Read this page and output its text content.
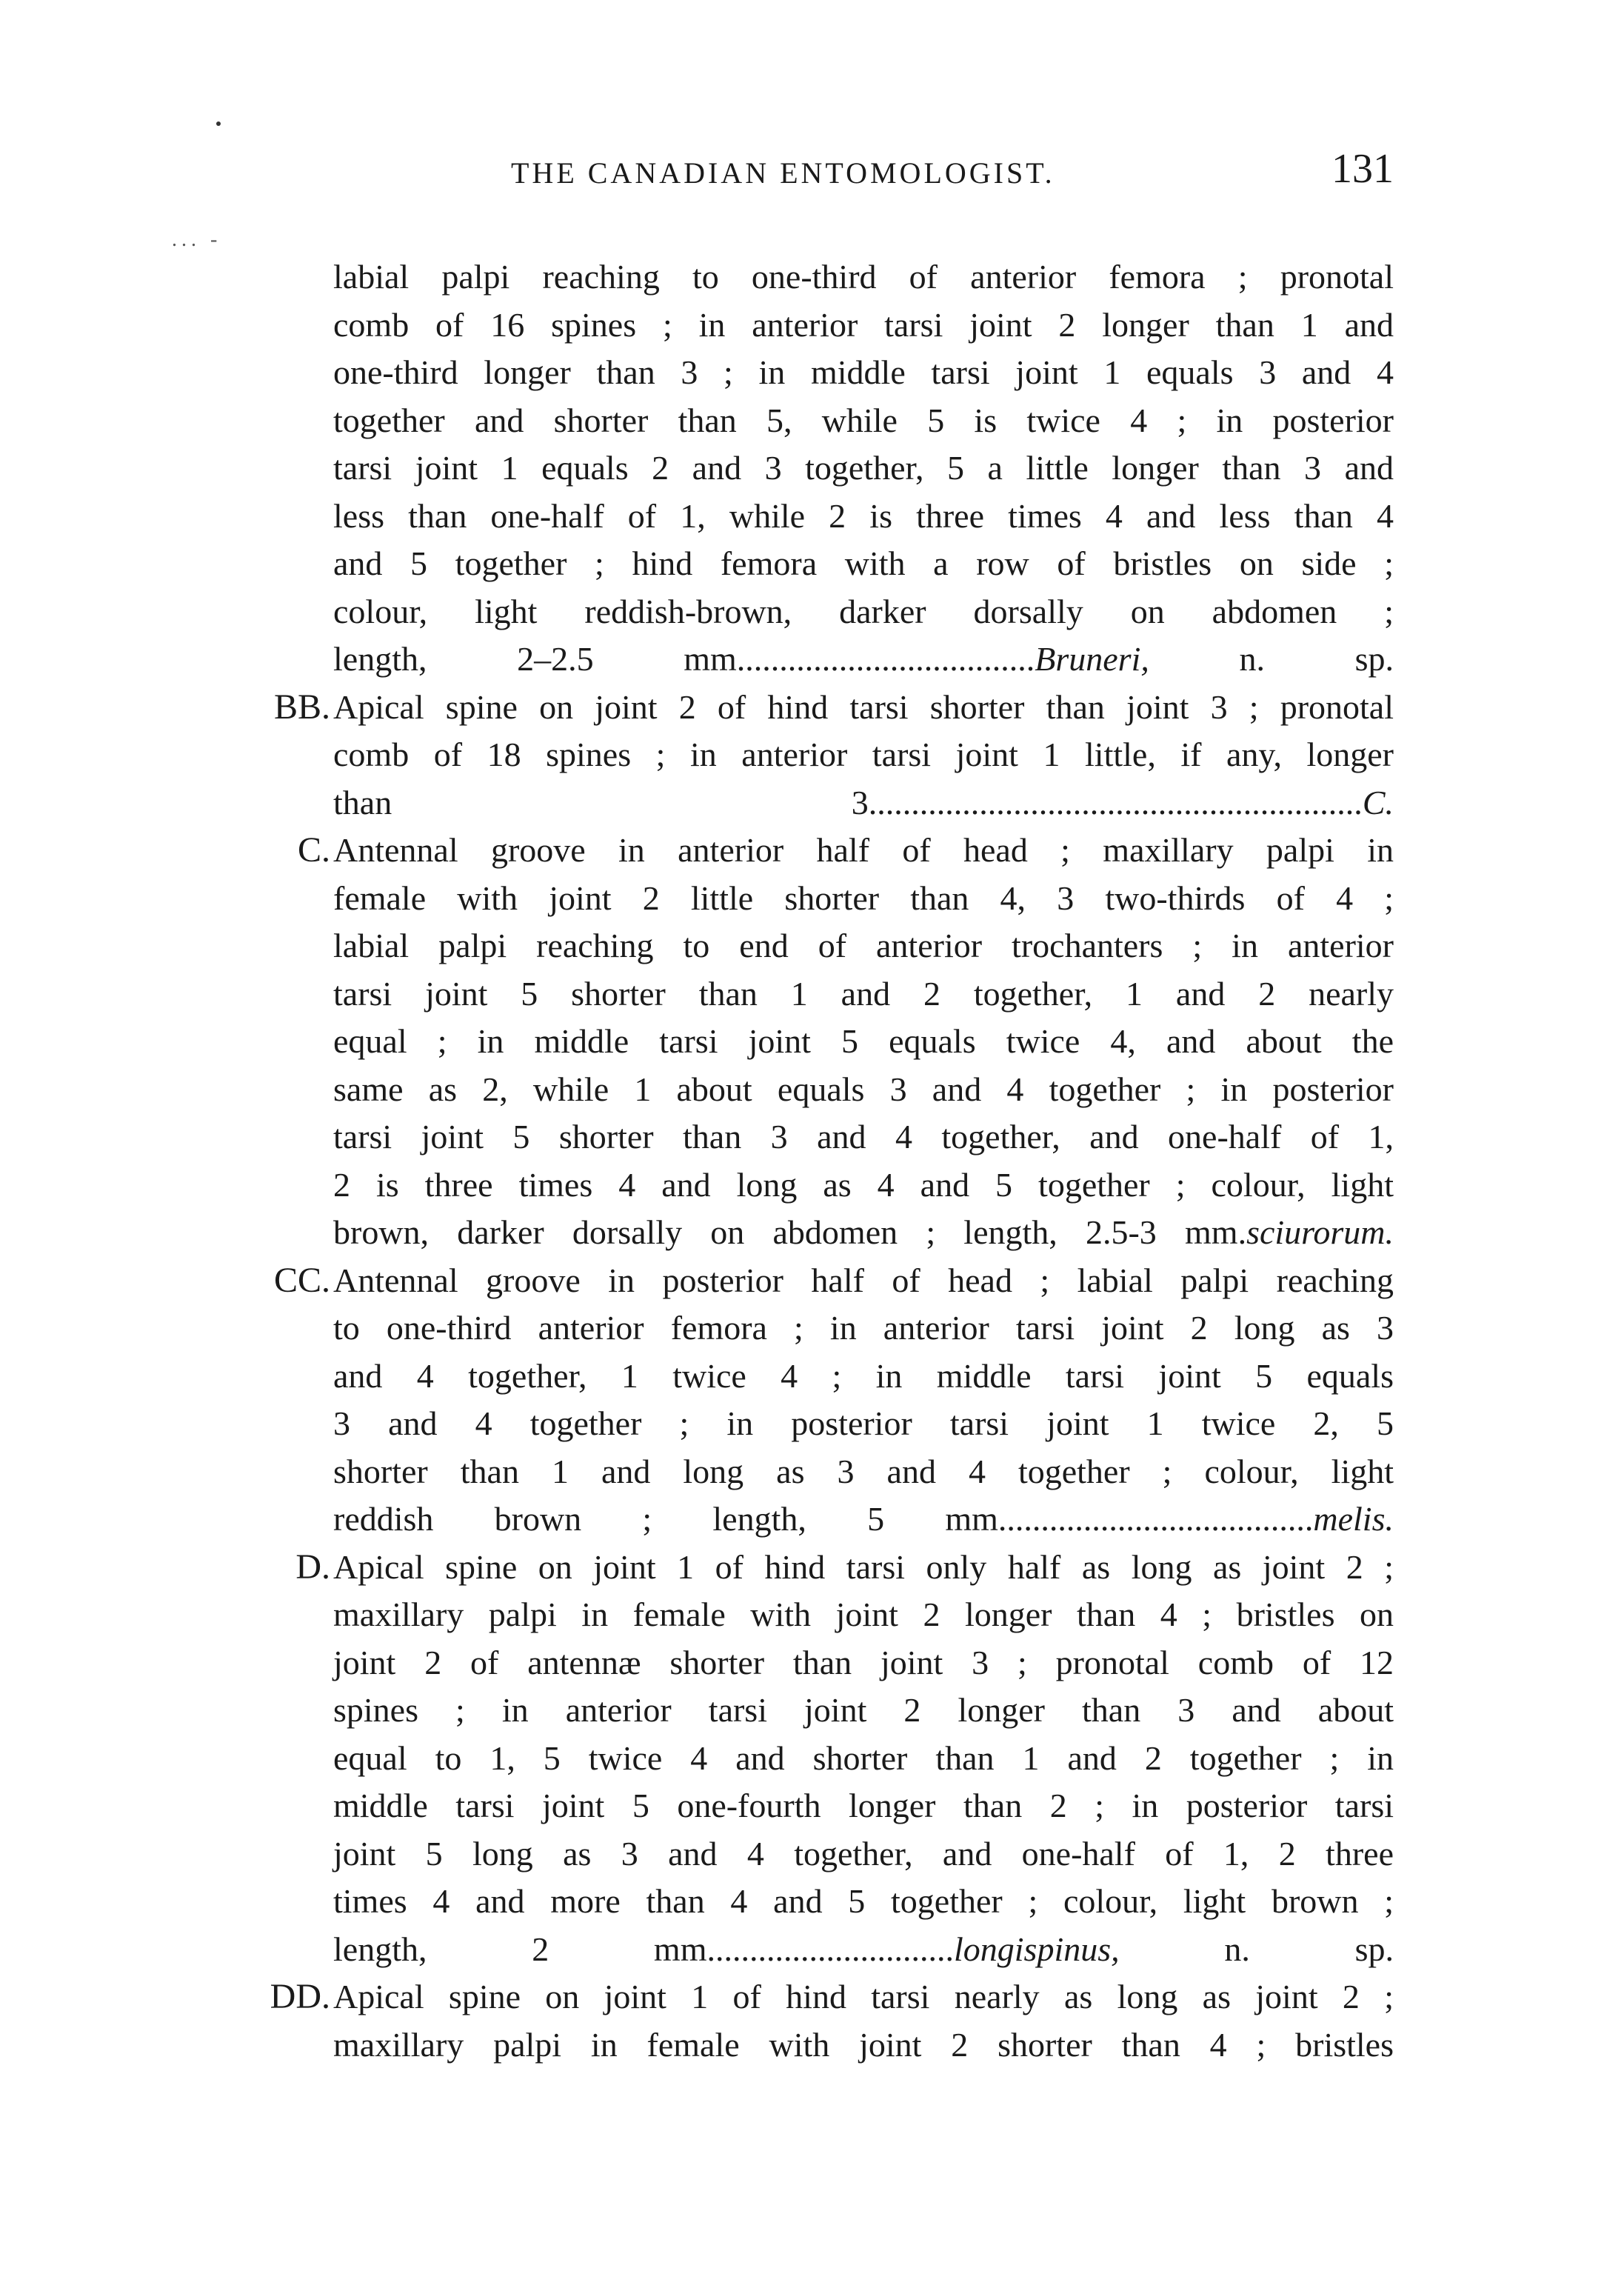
... -
THE CANADIAN ENTOMOLOGIST.	131

labial palpi reaching to one-third of anterior femora ; pronotal

comb of 16 spines ; in anterior tarsi joint 2 longer than 1 and

one-third longer than 3 ; in middle tarsi joint 1 equals 3 and 4

together and shorter than 5, while 5 is twice 4 ; in posterior

tarsi joint 1 equals 2 and 3 together, 5 a little longer than 3 and

less than one-half of 1, while 2 is three times 4 and less than 4

and 5 together ; hind femora with a row of bristles on side ;

colour, light reddish-brown, darker dorsally on abdomen ;

length, 2–2.5 mm...................................Bruneri, n. sp.

BB. Apical spine on joint 2 of hind tarsi shorter than joint 3 ; pronotal

comb of 18 spines ; in anterior tarsi joint 1 little, if any, longer

than 3..........................................................C.

C. Antennal groove in anterior half of head ; maxillary palpi in

female with joint 2 little shorter than 4, 3 two-thirds of 4 ;

labial palpi reaching to end of anterior trochanters ; in anterior

tarsi joint 5 shorter than 1 and 2 together, 1 and 2 nearly

equal ; in middle tarsi joint 5 equals twice 4, and about the

same as 2, while 1 about equals 3 and 4 together ; in posterior

tarsi joint 5 shorter than 3 and 4 together, and one-half of 1,

2 is three times 4 and long as 4 and 5 together ; colour, light

brown, darker dorsally on abdomen ; length, 2.5-3 mm.sciurorum.

CC. Antennal groove in posterior half of head ; labial palpi reaching

to one-third anterior femora ; in anterior tarsi joint 2 long as 3

and 4 together, 1 twice 4 ; in middle tarsi joint 5 equals

3 and 4 together ; in posterior tarsi joint 1 twice 2, 5

shorter than 1 and long as 3 and 4 together ; colour, light

reddish brown ; length, 5 mm.....................................melis.

D. Apical spine on joint 1 of hind tarsi only half as long as joint 2 ;

maxillary palpi in female with joint 2 longer than 4 ; bristles on

joint 2 of antennæ shorter than joint 3 ; pronotal comb of 12

spines ; in anterior tarsi joint 2 longer than 3 and about

equal to 1, 5 twice 4 and shorter than 1 and 2 together ; in

middle tarsi joint 5 one-fourth longer than 2 ; in posterior tarsi

joint 5 long as 3 and 4 together, and one-half of 1, 2 three

times 4 and more than 4 and 5 together ; colour, light brown ;

length, 2 mm.............................longispinus, n. sp.

DD. Apical spine on joint 1 of hind tarsi nearly as long as joint 2 ;

maxillary palpi in female with joint 2 shorter than 4 ; bristles
